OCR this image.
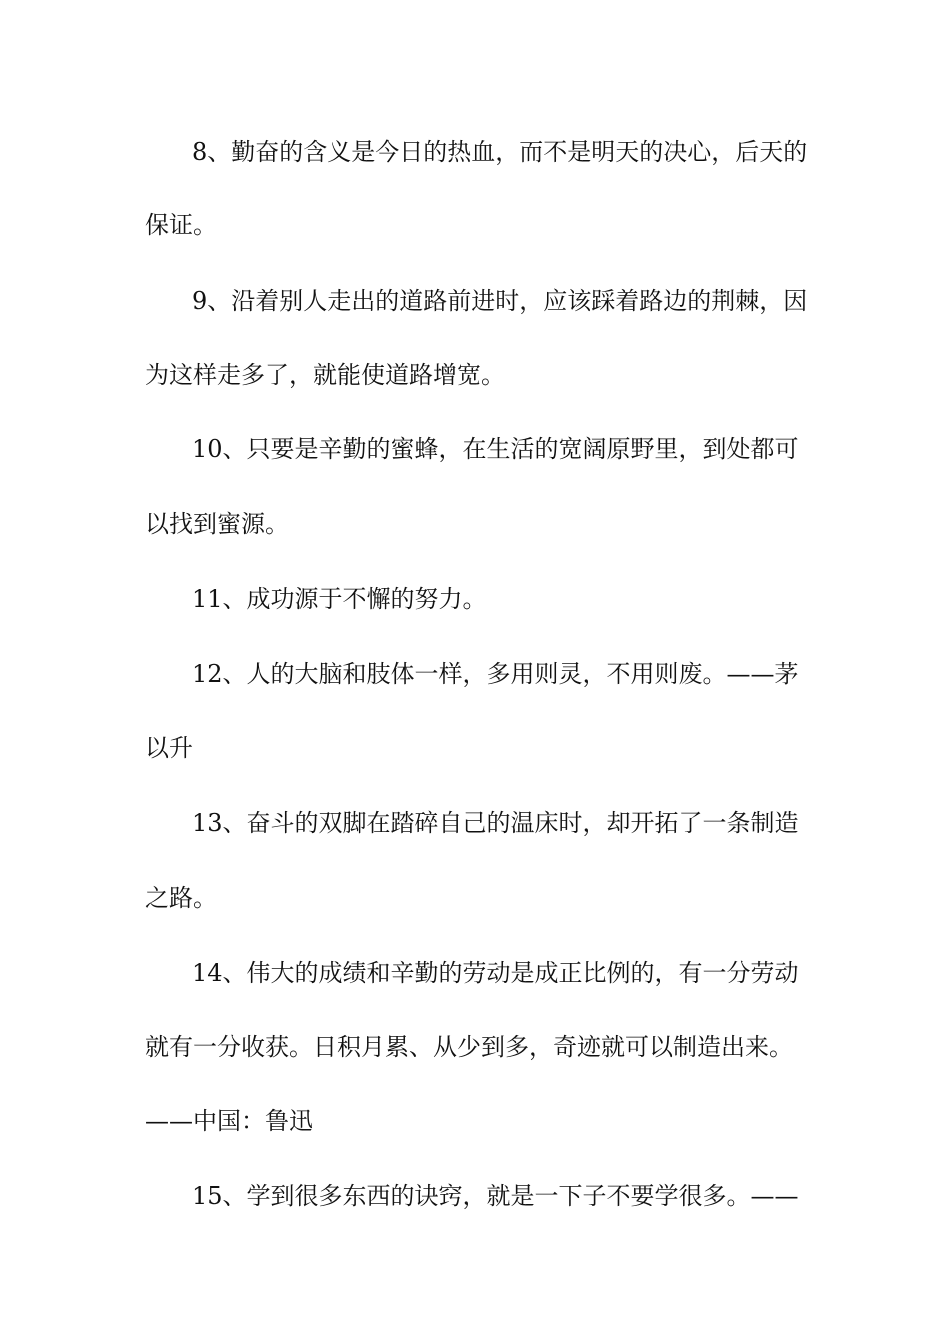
8、勤奋的含义是今日的热血，而不是明天的决心，后天的
保证。
9、沿着别人走出的道路前进时，应该踩着路边的荆棘，因
为这样走多了，就能使道路增宽。
10、只要是辛勤的蜜蜂，在生活的宽阔原野里，到处都可
以找到蜜源。
11、成功源于不懈的努力。
12、人的大脑和肢体一样，多用则灵，不用则废。——茅
以升
13、奋斗的双脚在踏碎自己的温床时，却开拓了一条制造
之路。
14、伟大的成绩和辛勤的劳动是成正比例的，有一分劳动
就有一分收获。日积月累、从少到多，奇迹就可以制造出来。
——中国：鲁迅
15、学到很多东西的诀窍，就是一下子不要学很多。——
